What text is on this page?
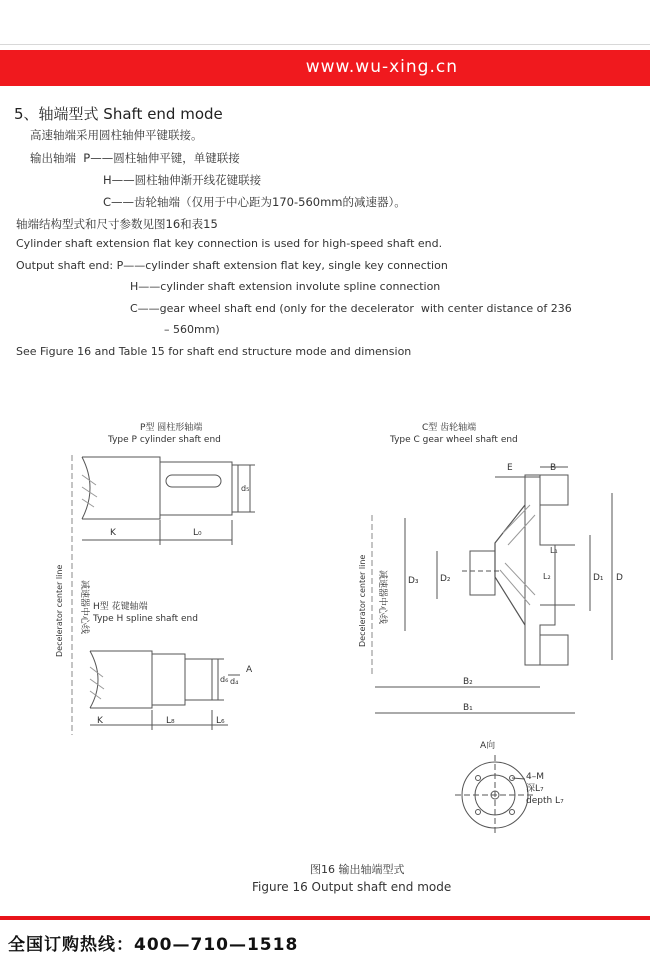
www.wu-xing.cn
5、轴端型式 Shaft end mode
高速轴端采用圆柱轴伸平键联接。
输出轴端  P——圆柱轴伸平键，单键联接
H——圆柱轴伸渐开线花键联接
C——齿轮轴端（仅用于中心距为170-560mm的减速器）。
轴端结构型式和尺寸参数见图16和表15
Cylinder shaft extension flat key connection is used for high-speed shaft end.
Output shaft end: P——cylinder shaft extension flat key, single key connection
H——cylinder shaft extension involute spline connection
C——gear wheel shaft end (only for the decelerator  with center distance of 236
– 560mm)
See Figure 16 and Table 15 for shaft end structure mode and dimension
P型 圆柱形轴端
Type P cylinder shaft end
d₅
K	L₀
Decelerator center line 减速器中心线 H型 花键轴端
Type H spline shaft end
d₆ d₄
A
K	L₈	L₆
C型 齿轮轴端
Type C gear wheel shaft end
Decelerator center line 减速器中心线
E	B
D₃ D₂
L₁
L₂	D₁ D
B₂
B₁
A向
4–M
深L₇
depth L₇
图16 输出轴端型式
Figure 16 Output shaft end mode
全国订购热线：400—710—1518
